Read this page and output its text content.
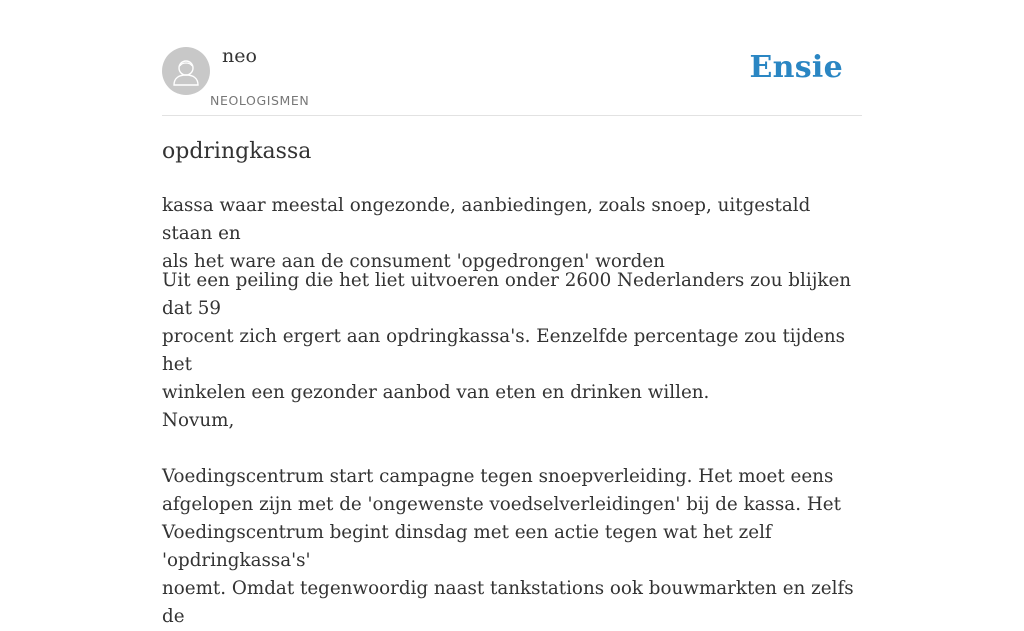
neo
NEOLOGISMEN
Ensie
opdringkassa

kassa waar meestal ongezonde, aanbiedingen, zoals snoep, uitgestald staan en
als het ware aan de consument 'opgedrongen' worden

Uit een peiling die het liet uitvoeren onder 2600 Nederlanders zou blijken dat 59
procent zich ergert aan opdringkassa's. Eenzelfde percentage zou tijdens het
winkelen een gezonder aanbod van eten en drinken willen.
Novum,
Voedingscentrum start campagne tegen snoepverleiding. Het moet eens
afgelopen zijn met de 'ongewenste voedselverleidingen' bij de kassa. Het
Voedingscentrum begint dinsdag met een actie tegen wat het zelf 'opdringkassa's'
noemt. Omdat tegenwoordig naast tankstations ook bouwmarkten en zelfs de
